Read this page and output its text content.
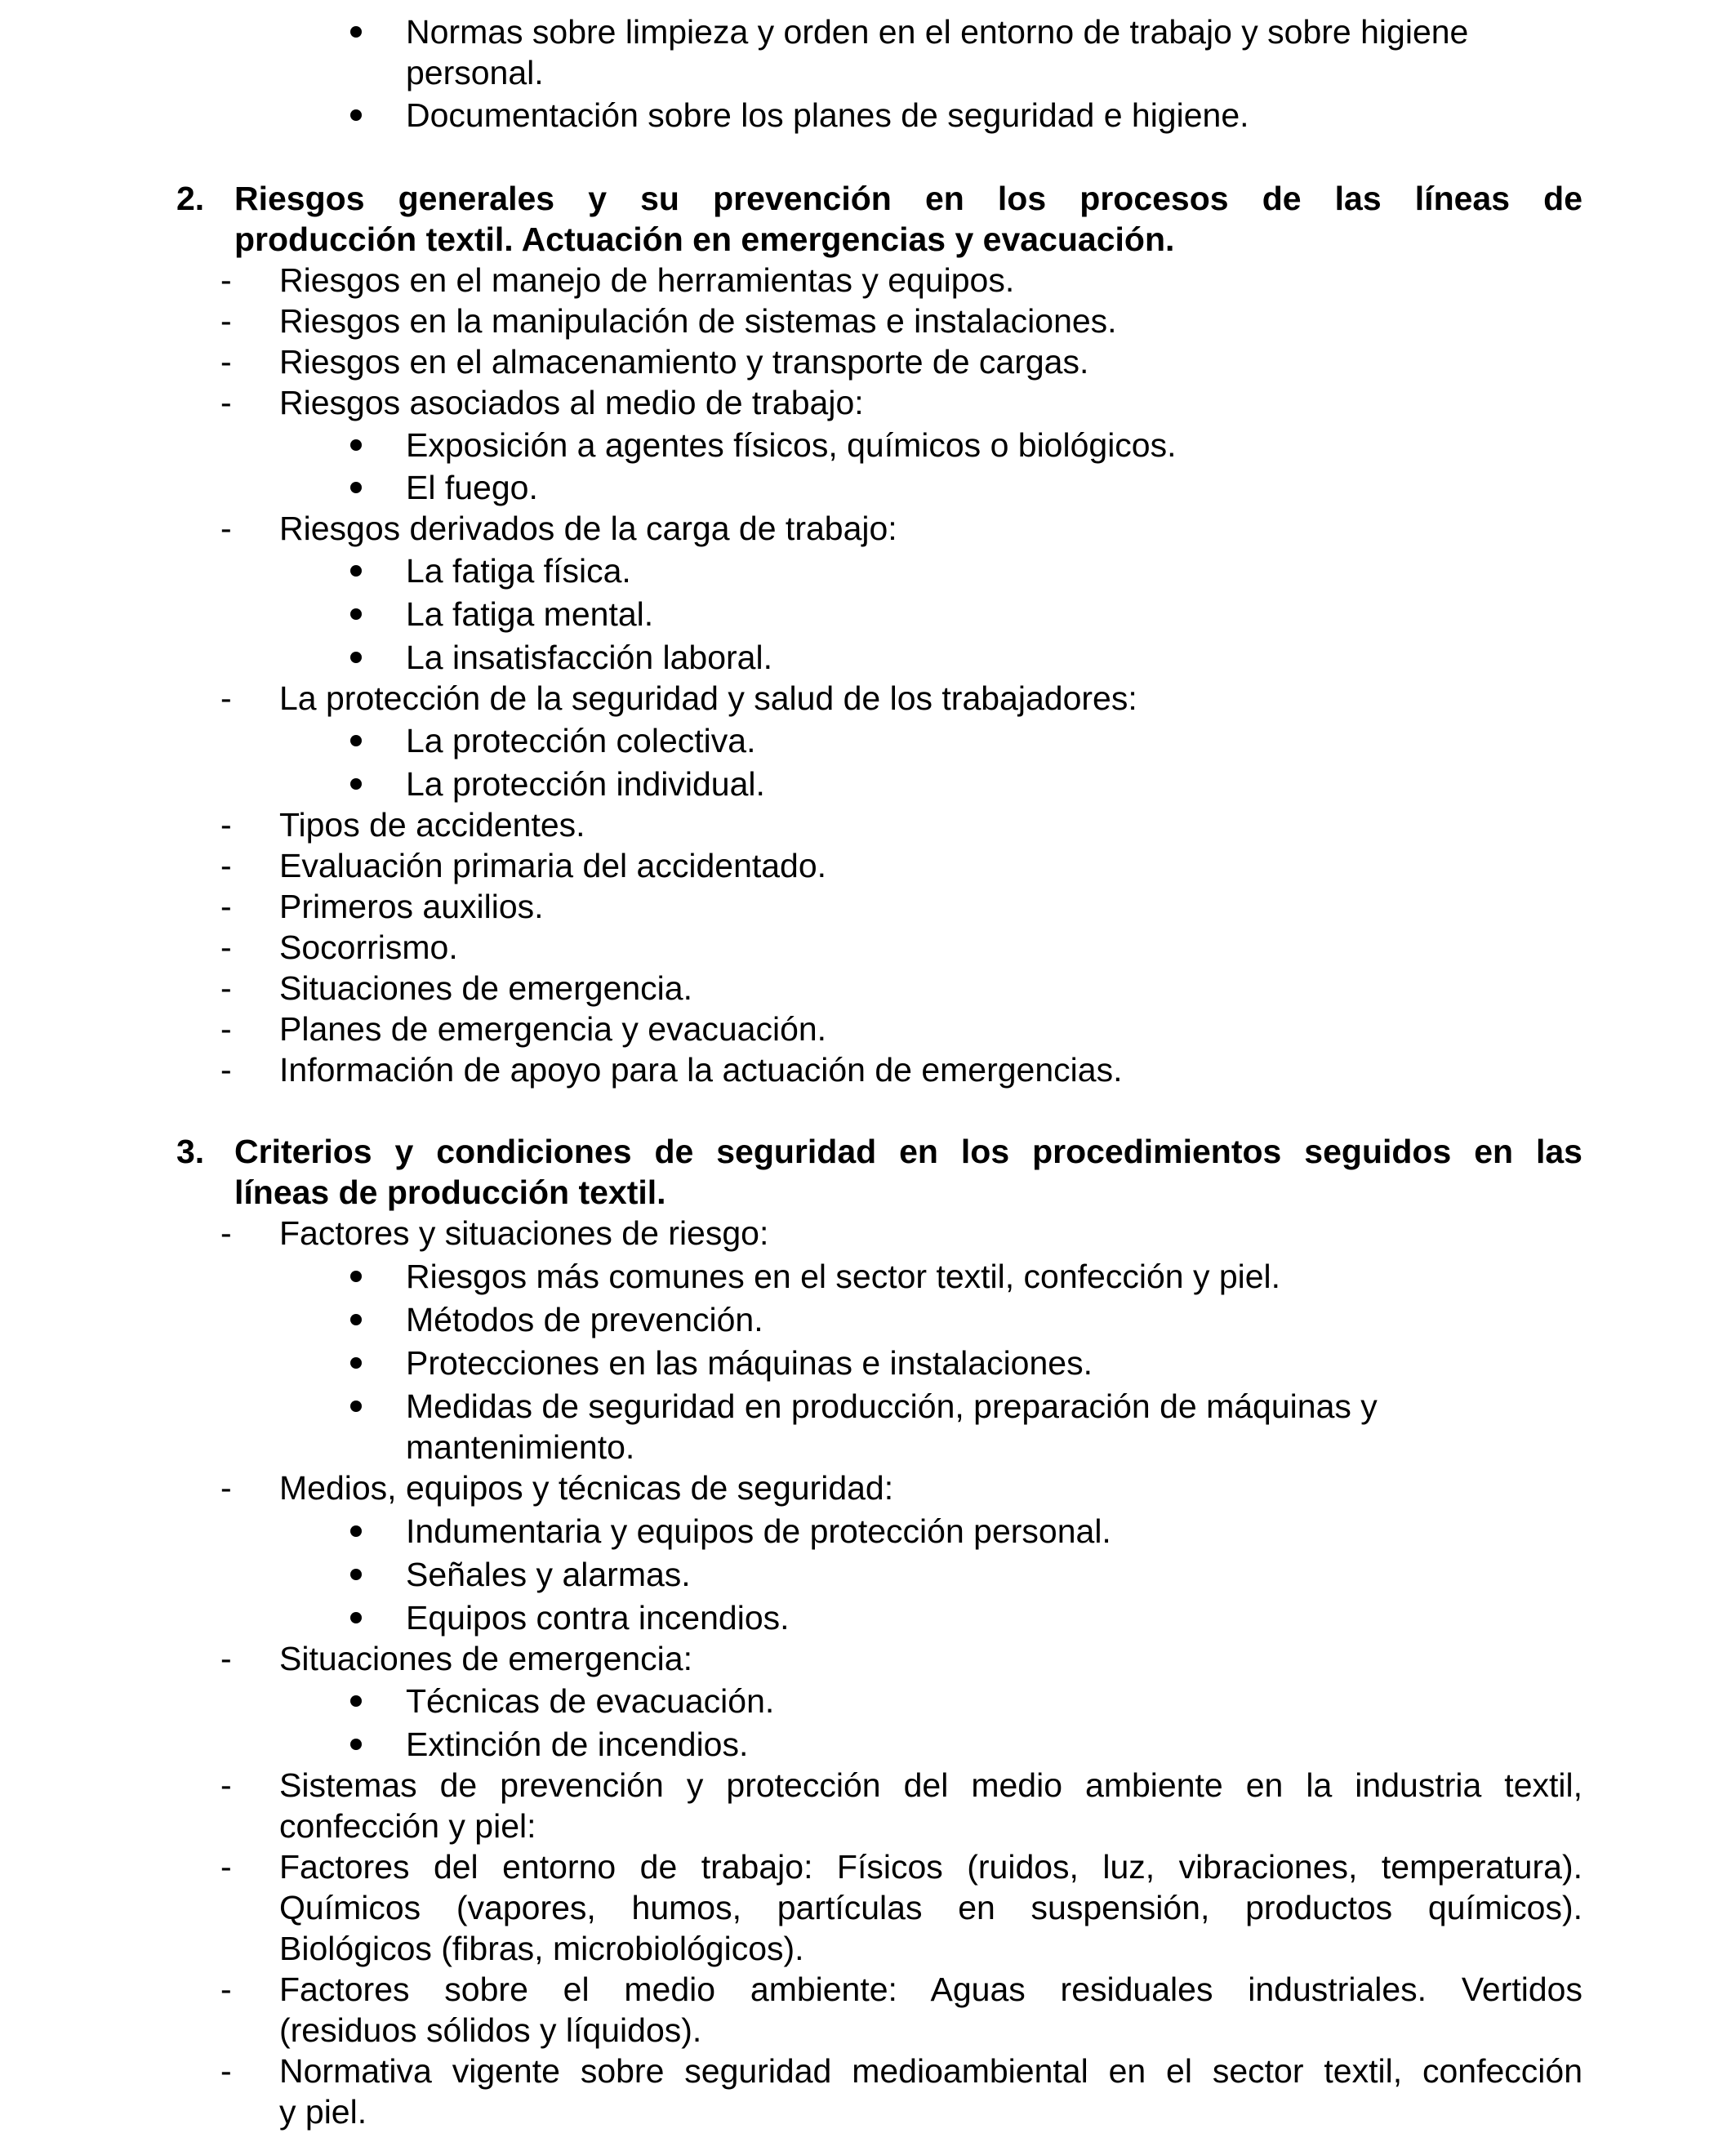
Normas sobre limpieza y orden en el entorno de trabajo y sobre higiene
personal.
Documentación sobre los planes de seguridad e higiene.
2. Riesgos generales y su prevención en los procesos de las líneas de
producción textil. Actuación en emergencias y evacuación.
- Riesgos en el manejo de herramientas y equipos.
- Riesgos en la manipulación de sistemas e instalaciones.
- Riesgos en el almacenamiento y transporte de cargas.
- Riesgos asociados al medio de trabajo:
Exposición a agentes físicos, químicos o biológicos.
El fuego.
- Riesgos derivados de la carga de trabajo:
La fatiga física.
La fatiga mental.
La insatisfacción laboral.
- La protección de la seguridad y salud de los trabajadores:
La protección colectiva.
La protección individual.
- Tipos de accidentes.
- Evaluación primaria del accidentado.
- Primeros auxilios.
- Socorrismo.
- Situaciones de emergencia.
- Planes de emergencia y evacuación.
- Información de apoyo para la actuación de emergencias.
3. Criterios y condiciones de seguridad en los procedimientos seguidos en las
líneas de producción textil.
- Factores y situaciones de riesgo:
Riesgos más comunes en el sector textil, confección y piel.
Métodos de prevención.
Protecciones en las máquinas e instalaciones.
Medidas de seguridad en producción, preparación de máquinas y
mantenimiento.
- Medios, equipos y técnicas de seguridad:
Indumentaria y equipos de protección personal.
Señales y alarmas.
Equipos contra incendios.
- Situaciones de emergencia:
Técnicas de evacuación.
Extinción de incendios.
- Sistemas de prevención y protección del medio ambiente en la industria textil,
confección y piel:
- Factores del entorno de trabajo: Físicos (ruidos, luz, vibraciones, temperatura).
Químicos (vapores, humos, partículas en suspensión, productos químicos).
Biológicos (fibras, microbiológicos).
- Factores sobre el medio ambiente: Aguas residuales industriales. Vertidos
(residuos sólidos y líquidos).
- Normativa vigente sobre seguridad medioambiental en el sector textil, confección
y piel.
